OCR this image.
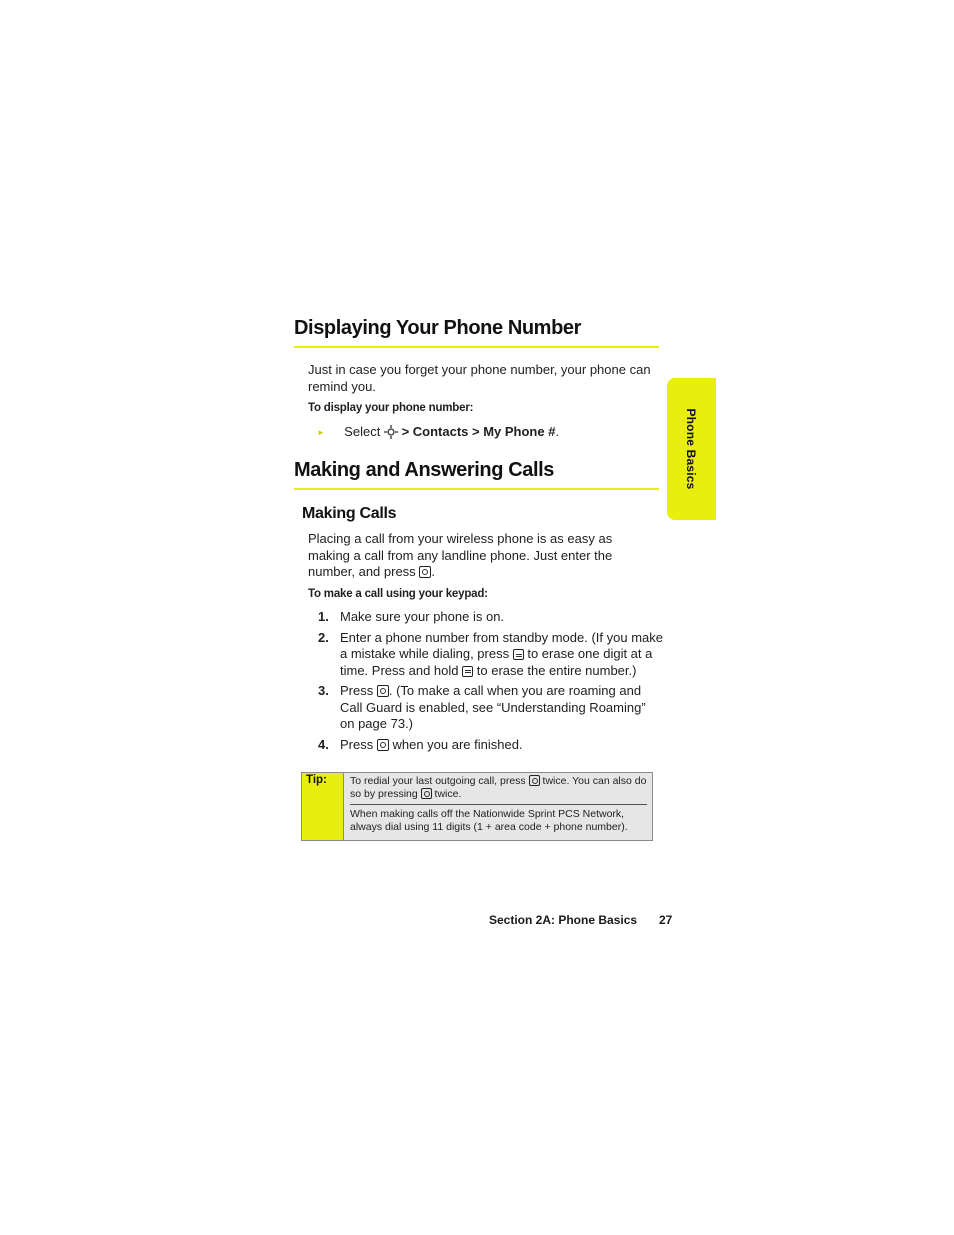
Displaying Your Phone Number
Just in case you forget your phone number, your phone can remind you.
To display your phone number:
► Select > Contacts > My Phone #.
Making and Answering Calls
Making Calls
Placing a call from your wireless phone is as easy as making a call from any landline phone. Just enter the number, and press .
To make a call using your keypad:
1. Make sure your phone is on.
2. Enter a phone number from standby mode. (If you make a mistake while dialing, press to erase one digit at a time. Press and hold to erase the entire number.)
3. Press . (To make a call when you are roaming and Call Guard is enabled, see “Understanding Roaming” on page 73.)
4. Press when you are finished.
Tip: To redial your last outgoing call, press twice. You can also do so by pressing twice.
When making calls off the Nationwide Sprint PCS Network, always dial using 11 digits (1 + area code + phone number).
Phone Basics
Section 2A: Phone Basics 27
